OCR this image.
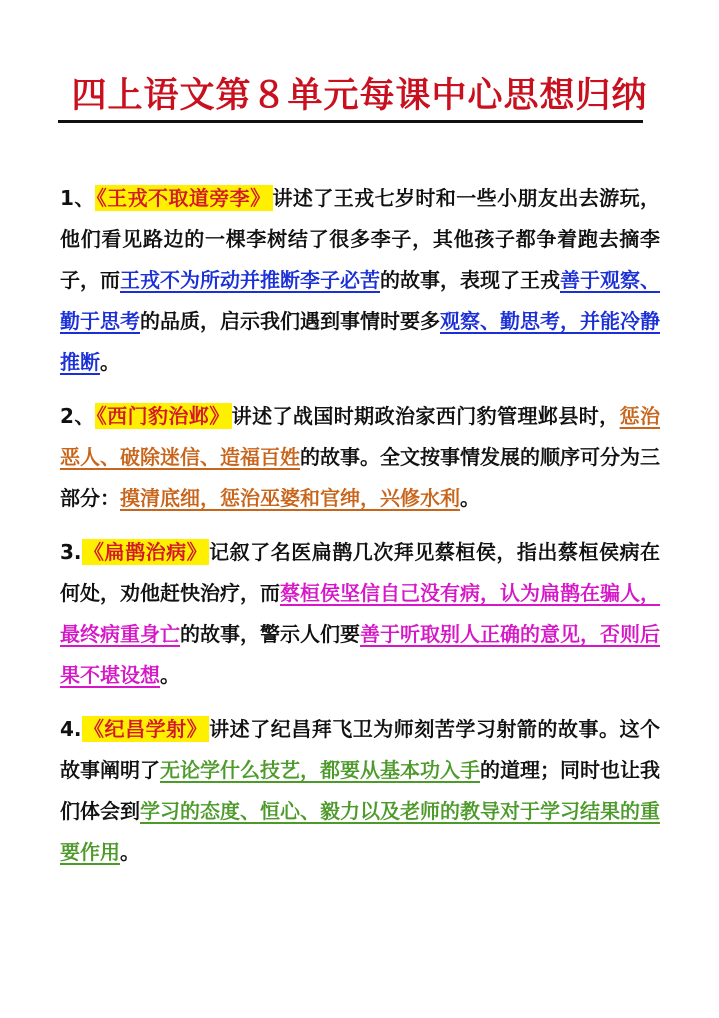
四上语文第８单元每课中心思想归纳

1、 《王戎不取道旁李》 讲述了王戎七岁时和一些小朋友出去游玩，他们看见路边的一棵李树结了很多李子，其他孩子都争着跑去摘李子，而王戎不为所动并推断李子必苦的故事，表现了王戎善于观察、勤于思考的品质，启示我们遇到事情时要多观察、勤思考，并能冷静推断。

2、 《西门豹治邺》 讲述了战国时期政治家西门豹管理邺县时，惩治恶人、破除迷信、造福百姓的故事。全文按事情发展的顺序可分为三部分：摸清底细，惩治巫婆和官绅，兴修水利。

3. 《扁鹊治病》 记叙了名医扁鹊几次拜见蔡桓侯，指出蔡桓侯病在何处，劝他赶快治疗，而蔡桓侯坚信自己没有病，认为扁鹊在骗人，最终病重身亡的故事，警示人们要善于听取别人正确的意见，否则后果不堪设想。

4. 《纪昌学射》 讲述了纪昌拜飞卫为师刻苦学习射箭的故事。这个故事阐明了无论学什么技艺，都要从基本功入手的道理；同时也让我们体会到学习的态度、恒心、毅力以及老师的教导对于学习结果的重要作用。
